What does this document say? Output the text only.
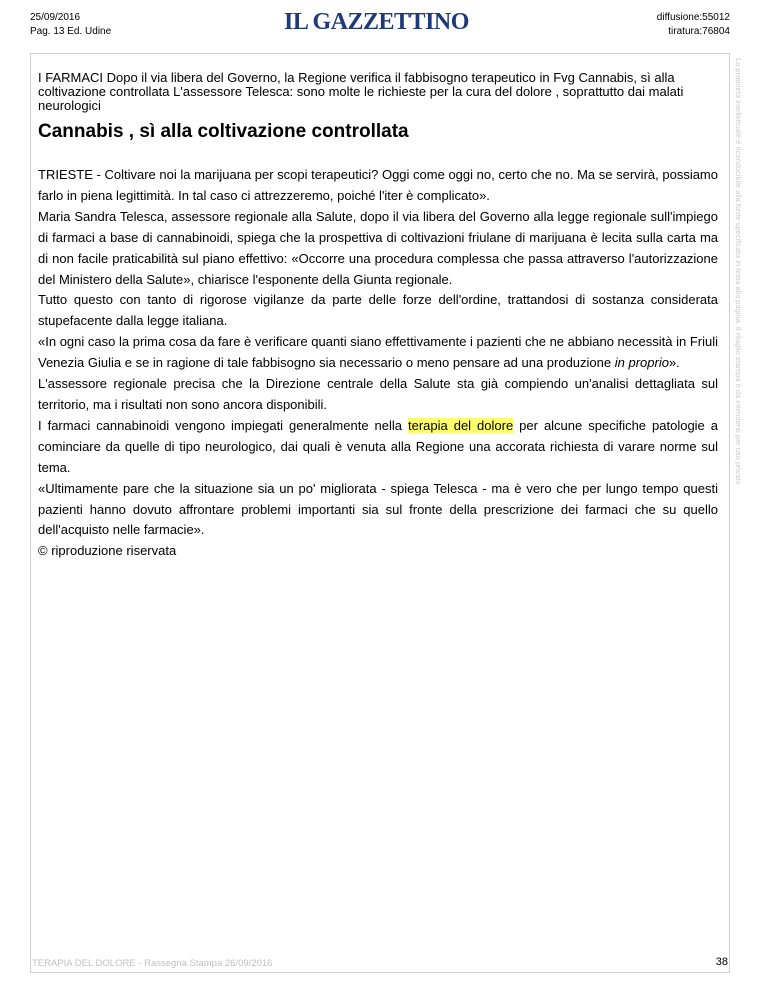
25/09/2016
Pag. 13 Ed. Udine	IL GAZZETTINO	diffusione:55012
tiratura:76804
La proprietà intellettuale è riconducibile alla fonte specificata in testa alla pagina. Il ritaglio stampa è da intendersi per uso privato
I FARMACI Dopo il via libera del Governo, la Regione verifica il fabbisogno terapeutico in Fvg Cannabis, sì alla coltivazione controllata L'assessore Telesca: sono molte le richieste per la cura del dolore , soprattutto dai malati neurologici
Cannabis , sì alla coltivazione controllata

TRIESTE - Coltivare noi la marijuana per scopi terapeutici? Oggi come oggi no, certo che no. Ma se servirà, possiamo farlo in piena legittimità. In tal caso ci attrezzeremo, poiché l'iter è complicato».

Maria Sandra Telesca, assessore regionale alla Salute, dopo il via libera del Governo alla legge regionale sull'impiego di farmaci a base di cannabinoidi, spiega che la prospettiva di coltivazioni friulane di marijuana è lecita sulla carta ma di non facile praticabilità sul piano effettivo: «Occorre una procedura complessa che passa attraverso l'autorizzazione del Ministero della Salute», chiarisce l'esponente della Giunta regionale.

Tutto questo con tanto di rigorose vigilanze da parte delle forze dell'ordine, trattandosi di sostanza considerata stupefacente dalla legge italiana.

«In ogni caso la prima cosa da fare è verificare quanti siano effettivamente i pazienti che ne abbiano necessità in Friuli Venezia Giulia e se in ragione di tale fabbisogno sia necessario o meno pensare ad una produzione in proprio».

L'assessore regionale precisa che la Direzione centrale della Salute sta già compiendo un'analisi dettagliata sul territorio, ma i risultati non sono ancora disponibili.

I farmaci cannabinoidi vengono impiegati generalmente nella terapia del dolore per alcune specifiche patologie a cominciare da quelle di tipo neurologico, dai quali è venuta alla Regione una accorata richiesta di varare norme sul tema.

«Ultimamente pare che la situazione sia un po' migliorata - spiega Telesca - ma è vero che per lungo tempo questi pazienti hanno dovuto affrontare problemi importanti sia sul fronte della prescrizione dei farmaci che su quello dell'acquisto nelle farmacie».

© riproduzione riservata

TERAPIA DEL DOLORE - Rassegna Stampa 26/09/2016	38
